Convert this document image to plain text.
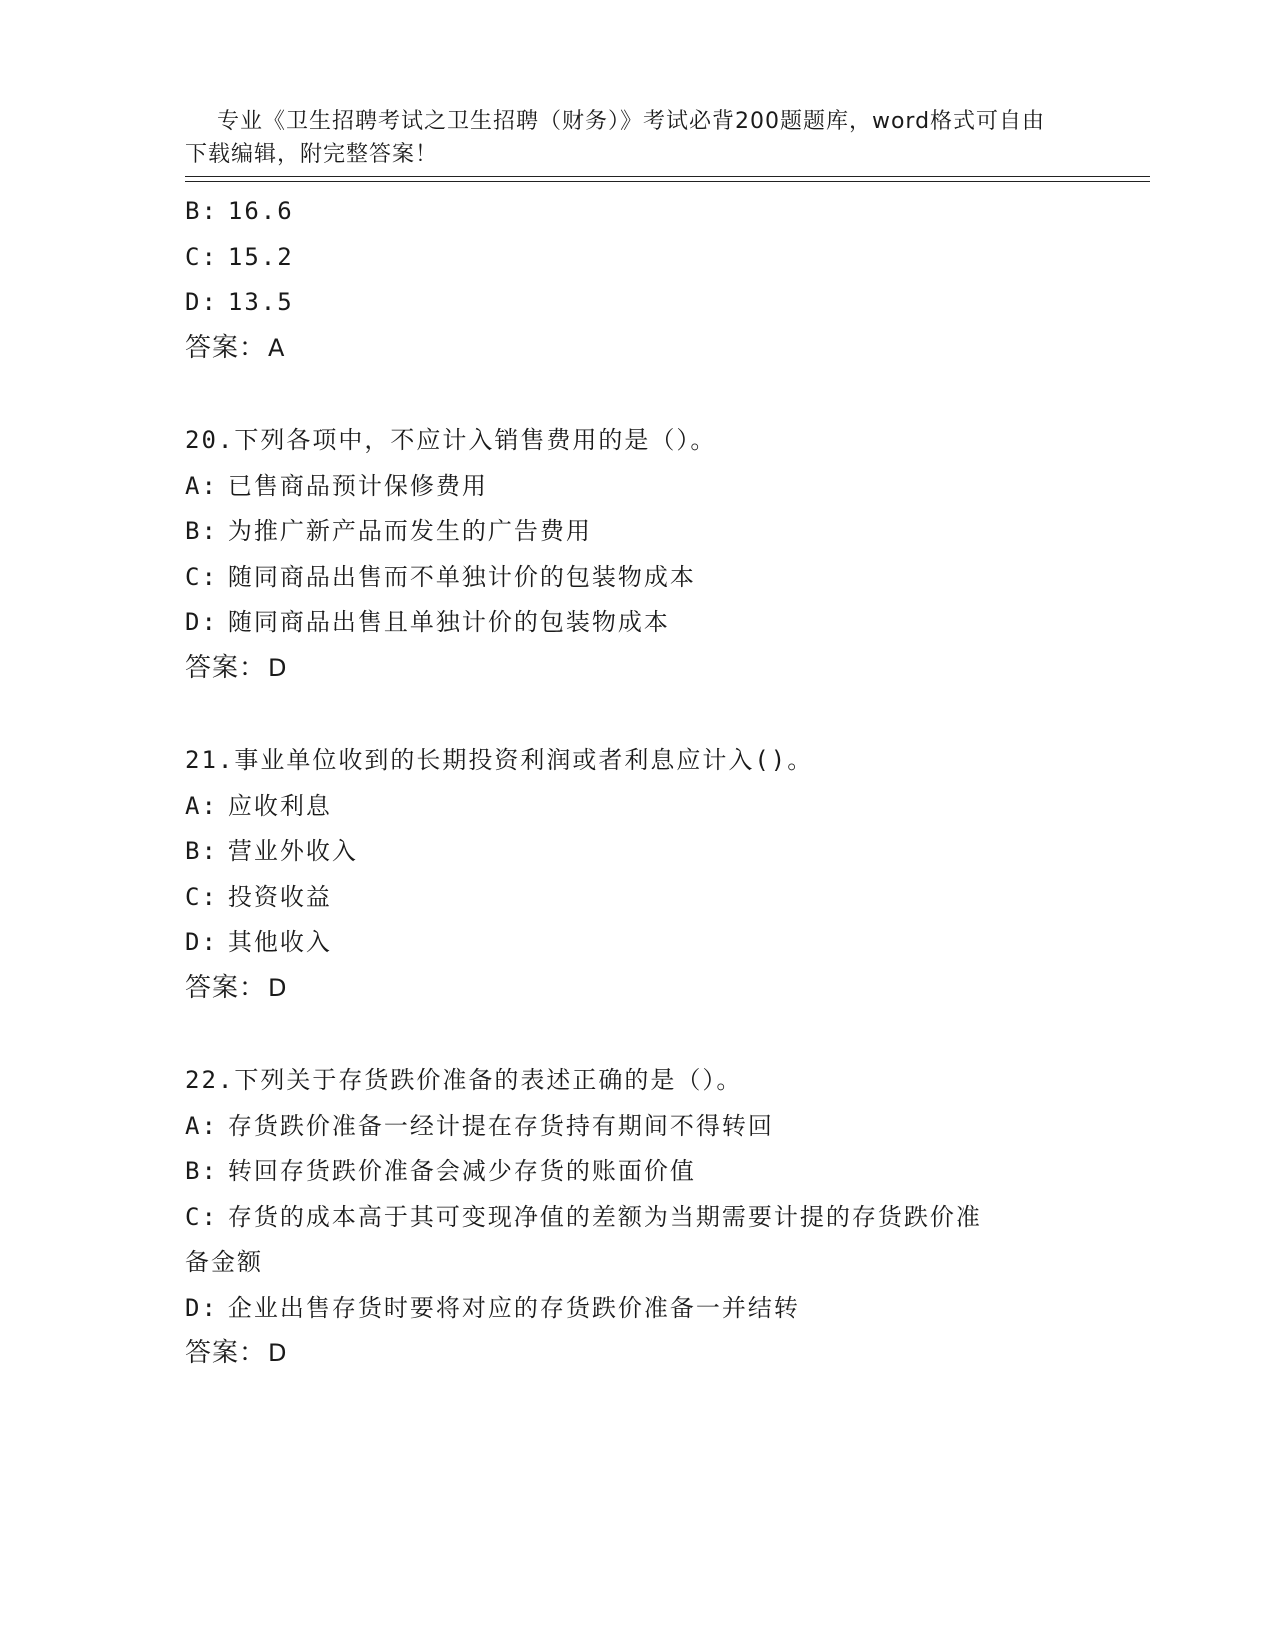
专业《卫生招聘考试之卫生招聘（财务）》考试必背200题题库，word格式可自由下载编辑，附完整答案！

B: 16.6
C: 15.2
D: 13.5
答案：A
20.下列各项中，不应计入销售费用的是（）。
A: 已售商品预计保修费用
B: 为推广新产品而发生的广告费用
C: 随同商品出售而不单独计价的包装物成本
D: 随同商品出售且单独计价的包装物成本
答案：D
21.事业单位收到的长期投资利润或者利息应计入()。
A: 应收利息
B: 营业外收入
C: 投资收益
D: 其他收入
答案：D
22.下列关于存货跌价准备的表述正确的是（）。
A: 存货跌价准备一经计提在存货持有期间不得转回
B: 转回存货跌价准备会减少存货的账面价值
C: 存货的成本高于其可变现净值的差额为当期需要计提的存货跌价准
备金额
D: 企业出售存货时要将对应的存货跌价准备一并结转
答案：D
